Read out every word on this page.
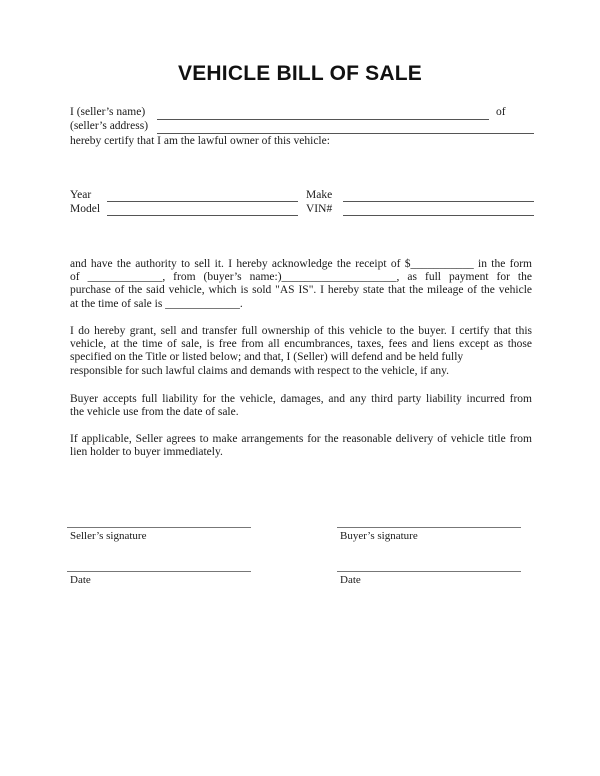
VEHICLE BILL OF SALE
I (seller’s name)	of
(seller’s address)
hereby certify that I am the lawful owner of this vehicle:
Year	Make
Model	VIN#
and have the authority to sell it. I hereby acknowledge the receipt of $___________ in the form
of _____________, from (buyer’s name:)____________________, as full payment for the
purchase of the said vehicle, which is sold "AS IS". I hereby state that the mileage of the vehicle
at the time of sale is _____________.
I do hereby grant, sell and transfer full ownership of this vehicle to the buyer. I certify that this
vehicle, at the time of sale, is free from all encumbrances, taxes, fees and liens except as those
specified on the Title or listed below; and that, I (Seller) will defend and be held fully
responsible for such lawful claims and demands with respect to the vehicle, if any.
Buyer accepts full liability for the vehicle, damages, and any third party liability incurred from
the vehicle use from the date of sale.
If applicable, Seller agrees to make arrangements for the reasonable delivery of vehicle title from
lien holder to buyer immediately.
Seller’s signature	Buyer’s signature
Date	Date
